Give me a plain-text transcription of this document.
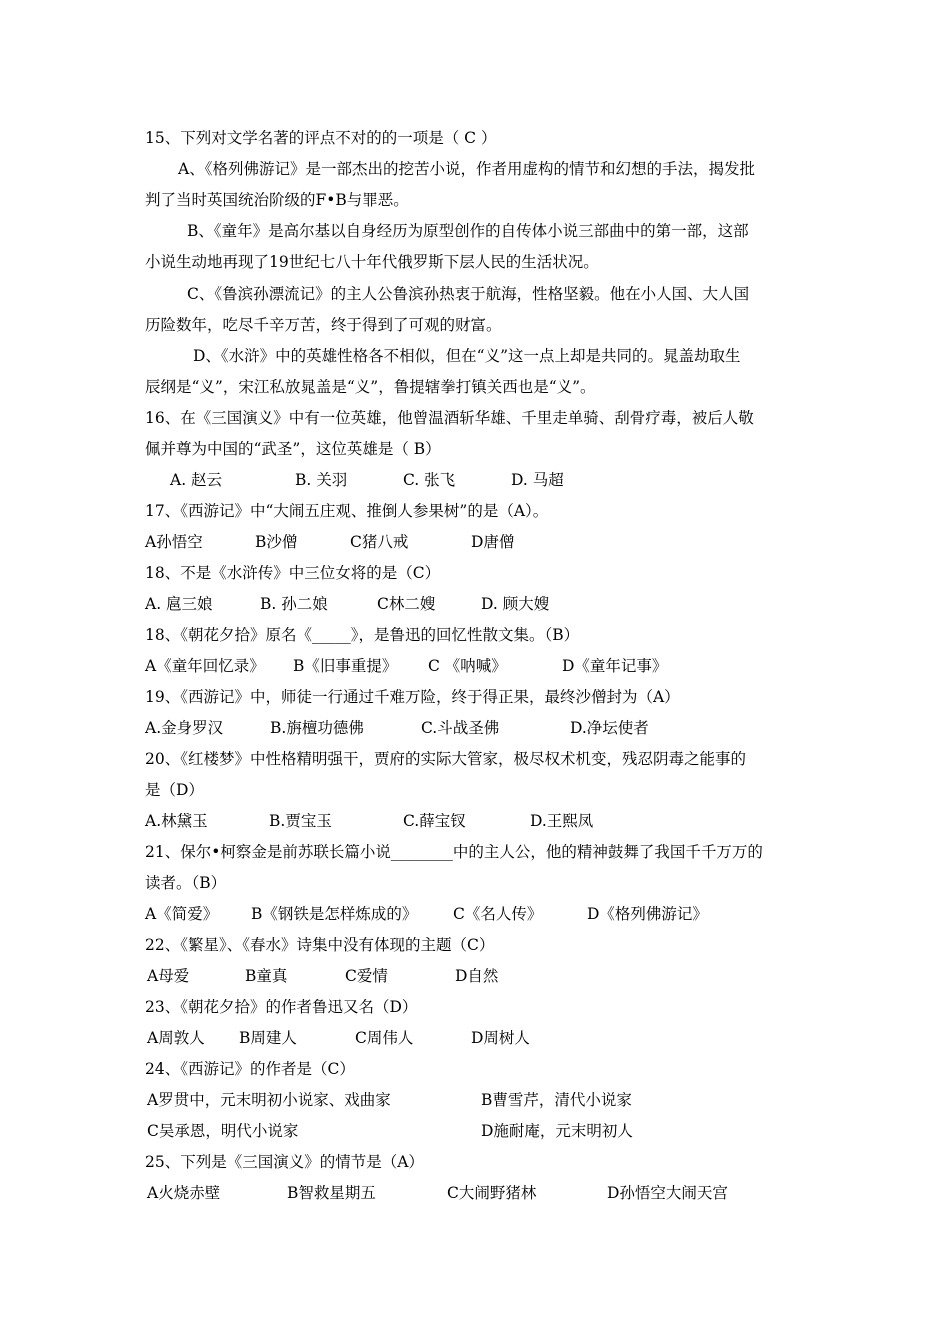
15、下列对文学名著的评点不对的的一项是（ C ）
A、《格列佛游记》是一部杰出的挖苦小说，作者用虚构的情节和幻想的手法，揭发批
判了当时英国统治阶级的F•B与罪恶。
B、《童年》是高尔基以自身经历为原型创作的自传体小说三部曲中的第一部，这部
小说生动地再现了19世纪七八十年代俄罗斯下层人民的生活状况。
C、《鲁滨孙漂流记》的主人公鲁滨孙热衷于航海，性格坚毅。他在小人国、大人国
历险数年，吃尽千辛万苦，终于得到了可观的财富。
D、《水浒》中的英雄性格各不相似，但在“义”这一点上却是共同的。晁盖劫取生
辰纲是“义”，宋江私放晁盖是“义”，鲁提辖拳打镇关西也是“义”。
16、在《三国演义》中有一位英雄，他曾温酒斩华雄、千里走单骑、刮骨疗毒，被后人敬
佩并尊为中国的“武圣”，这位英雄是（ B）
A. 赵云	B. 关羽	C. 张飞	D. 马超
17、《西游记》中“大闹五庄观、推倒人参果树”的是（A）。
A孙悟空	B沙僧	C猪八戒	D唐僧
18、不是《水浒传》中三位女将的是（C）
A. 扈三娘	B. 孙二娘	C林二嫂	D. 顾大嫂
18、《朝花夕拾》原名《_____》，是鲁迅的回忆性散文集。（B）
A《童年回忆录》 B《旧事重提》 C 《呐喊》	D《童年记事》
19、《西游记》中，师徒一行通过千难万险，终于得正果，最终沙僧封为（A）
A.金身罗汉	B.旃檀功德佛	C.斗战圣佛	D.净坛使者
20、《红楼梦》中性格精明强干，贾府的实际大管家，极尽权术机变，残忍阴毒之能事的
是（D）
A.林黛玉	B.贾宝玉	C.薛宝钗	D.王熙凤
21、保尔•柯察金是前苏联长篇小说________中的主人公，他的精神鼓舞了我国千千万万的
读者。（B）
A《简爱》 B《钢铁是怎样炼成的》 C《名人传》	D《格列佛游记》
22、《繁星》、《春水》诗集中没有体现的主题（C）
A母爱	B童真	C爱情	D自然
23、《朝花夕拾》的作者鲁迅又名（D）
A周敦人 B周建人	C周伟人	D周树人
24、《西游记》的作者是（C）
A罗贯中，元末明初小说家、戏曲家	B曹雪芹，清代小说家
C吴承恩，明代小说家	D施耐庵，元末明初人
25、下列是《三国演义》的情节是（A）
A火烧赤壁	B智救星期五	C大闹野猪林	D孙悟空大闹天宫
